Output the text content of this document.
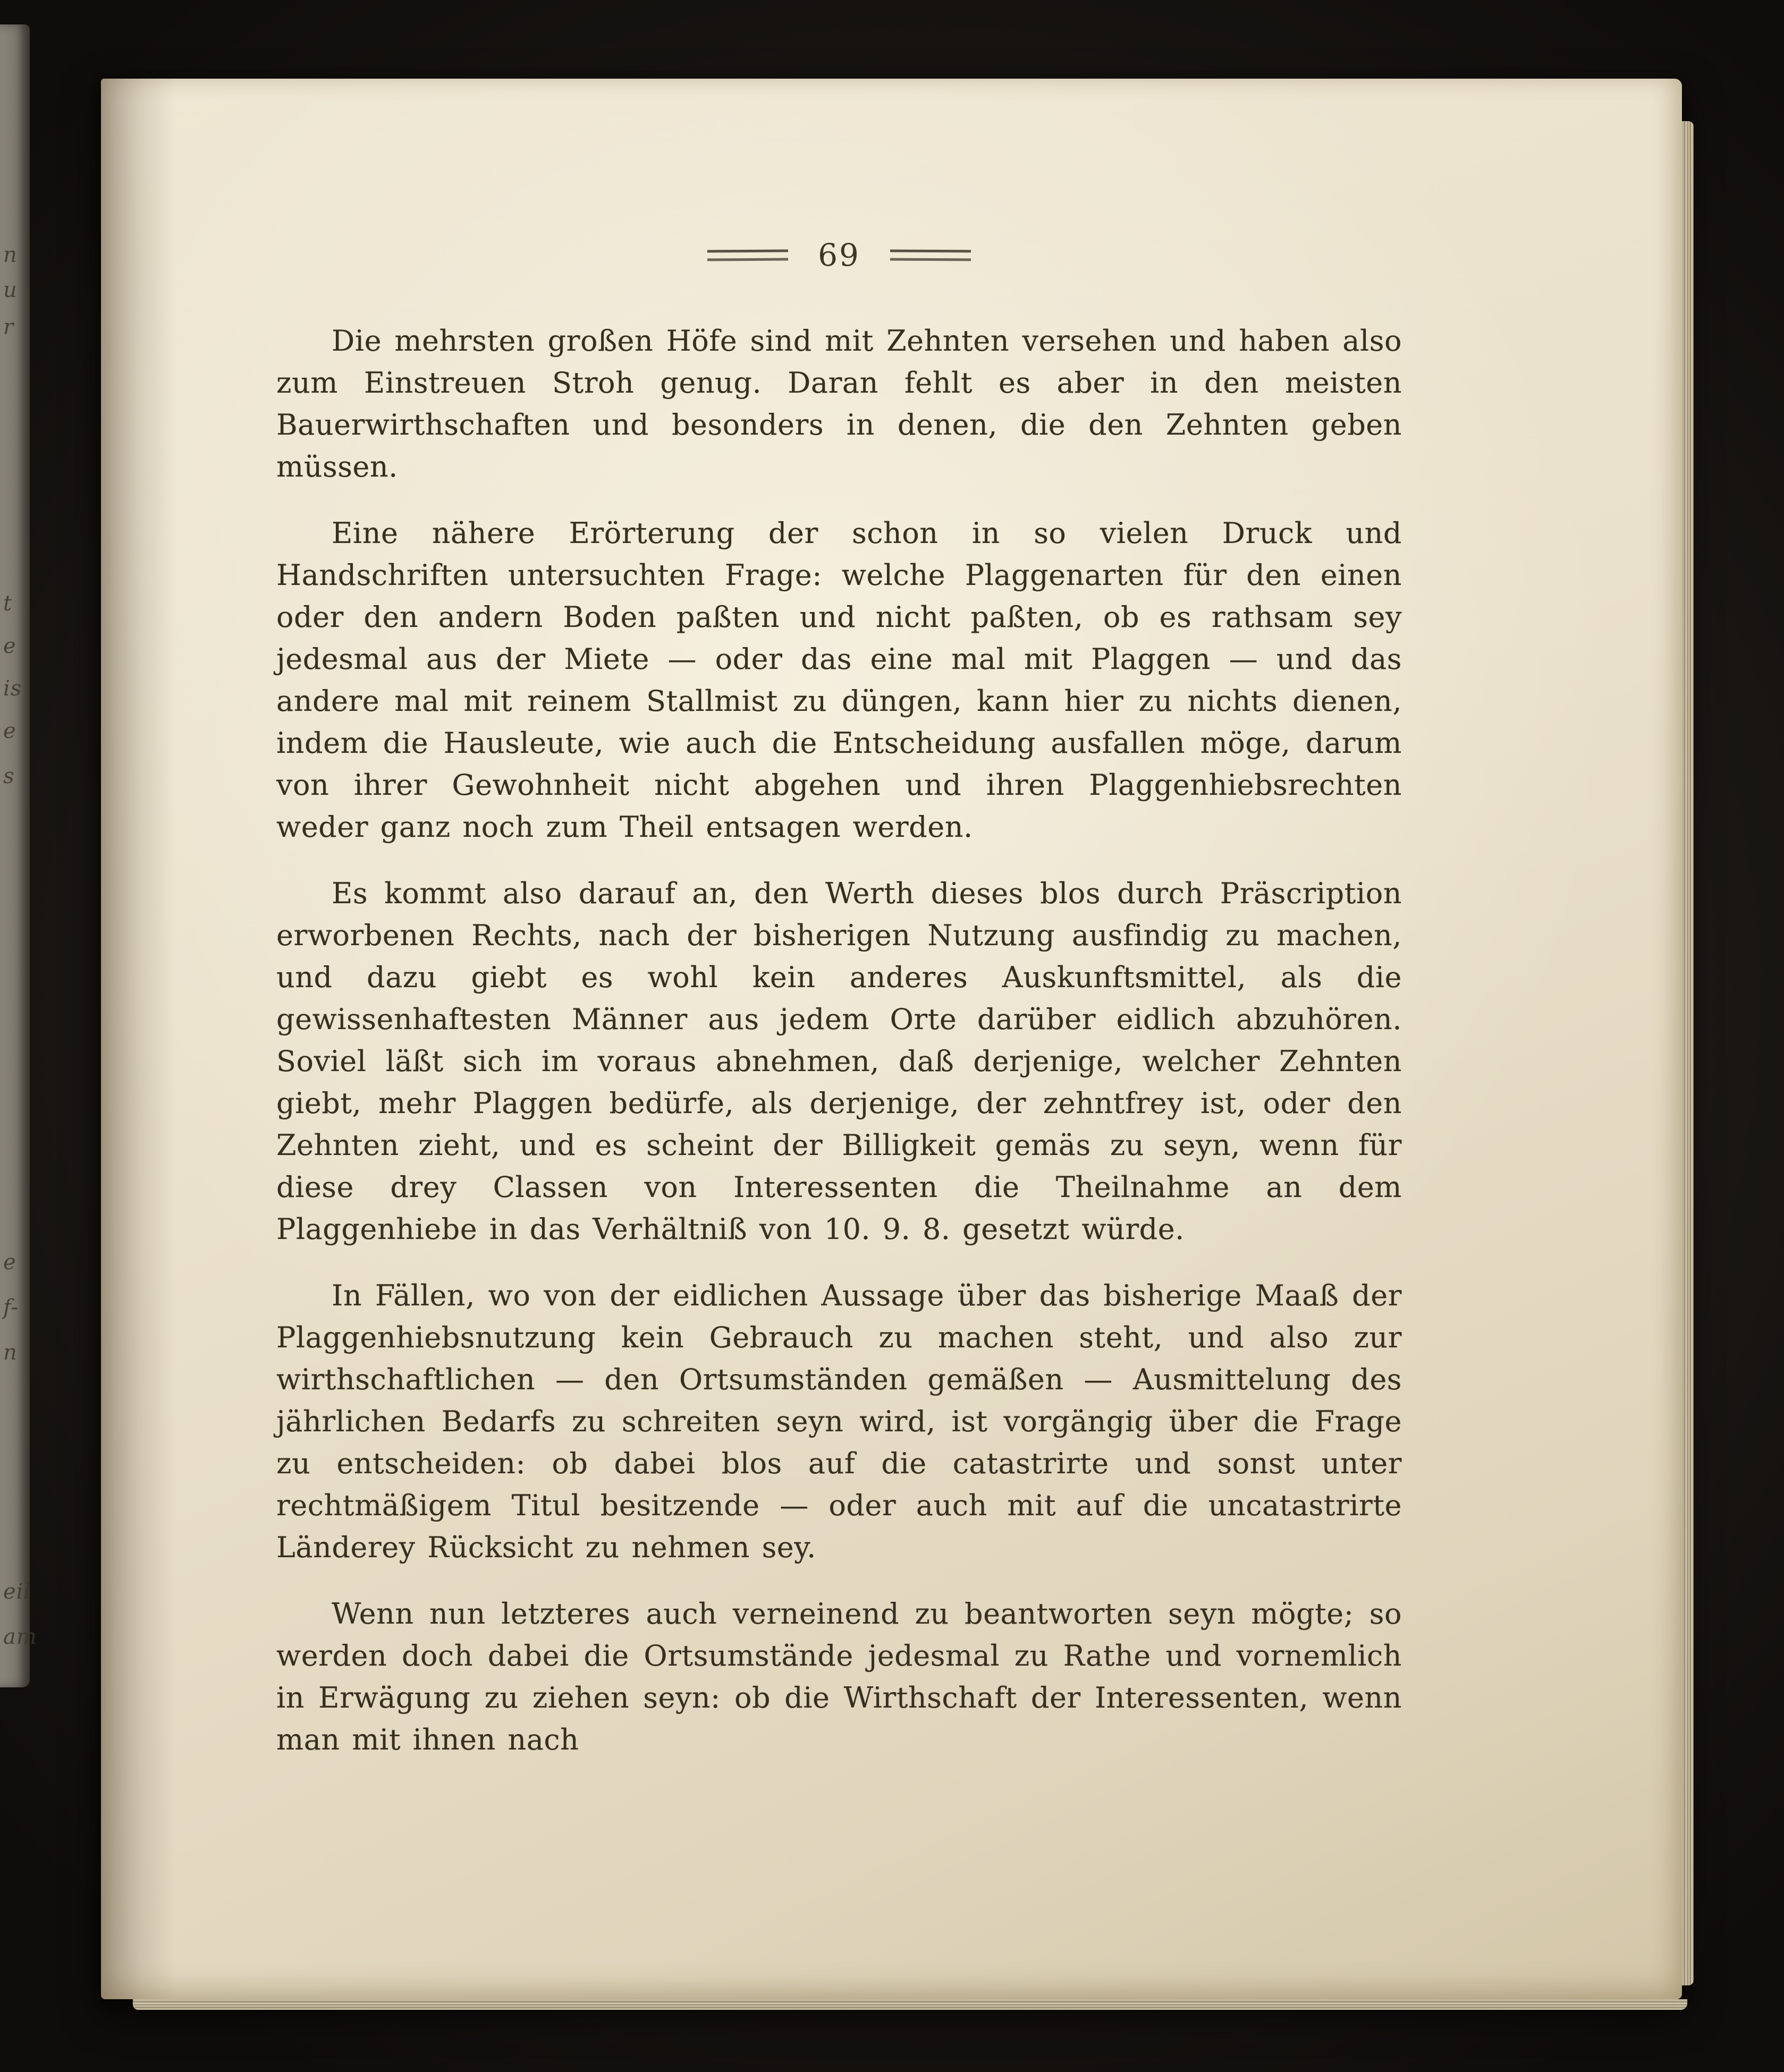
n
u
r
t
e
is
e
s
e
f-
n
eil
am
69

Die mehrsten großen Höfe sind mit Zehnten versehen und haben also zum Einstreuen Stroh genug. Daran fehlt es aber in den meisten Bauerwirthschaften und besonders in denen, die den Zehnten geben müssen.

Eine nähere Erörterung der schon in so vielen Druck und Handschriften untersuchten Frage: welche Plaggenarten für den einen oder den andern Boden paßten und nicht paßten, ob es rathsam sey jedesmal aus der Miete — oder das eine mal mit Plaggen — und das andere mal mit reinem Stallmist zu düngen, kann hier zu nichts dienen, indem die Hausleute, wie auch die Entscheidung ausfallen möge, darum von ihrer Gewohnheit nicht abgehen und ihren Plaggenhiebsrechten weder ganz noch zum Theil entsagen werden.

Es kommt also darauf an, den Werth dieses blos durch Präscription erworbenen Rechts, nach der bisherigen Nutzung ausfindig zu machen, und dazu giebt es wohl kein anderes Auskunftsmittel, als die gewissenhaftesten Männer aus jedem Orte darüber eidlich abzuhören. Soviel läßt sich im voraus abnehmen, daß derjenige, welcher Zehnten giebt, mehr Plaggen bedürfe, als derjenige, der zehntfrey ist, oder den Zehnten zieht, und es scheint der Billigkeit gemäs zu seyn, wenn für diese drey Classen von Interessenten die Theilnahme an dem Plaggenhiebe in das Verhältniß von 10. 9. 8. gesetzt würde.

In Fällen, wo von der eidlichen Aussage über das bisherige Maaß der Plaggenhiebsnutzung kein Gebrauch zu machen steht, und also zur wirthschaftlichen — den Ortsumständen gemäßen — Ausmittelung des jährlichen Bedarfs zu schreiten seyn wird, ist vorgängig über die Frage zu entscheiden: ob dabei blos auf die catastrirte und sonst unter rechtmäßigem Titul besitzende — oder auch mit auf die uncatastrirte Länderey Rücksicht zu nehmen sey.

Wenn nun letzteres auch verneinend zu beantworten seyn mögte; so werden doch dabei die Ortsumstände jedesmal zu Rathe und vornemlich in Erwägung zu ziehen seyn: ob die Wirthschaft der Interessenten, wenn man mit ihnen nach
